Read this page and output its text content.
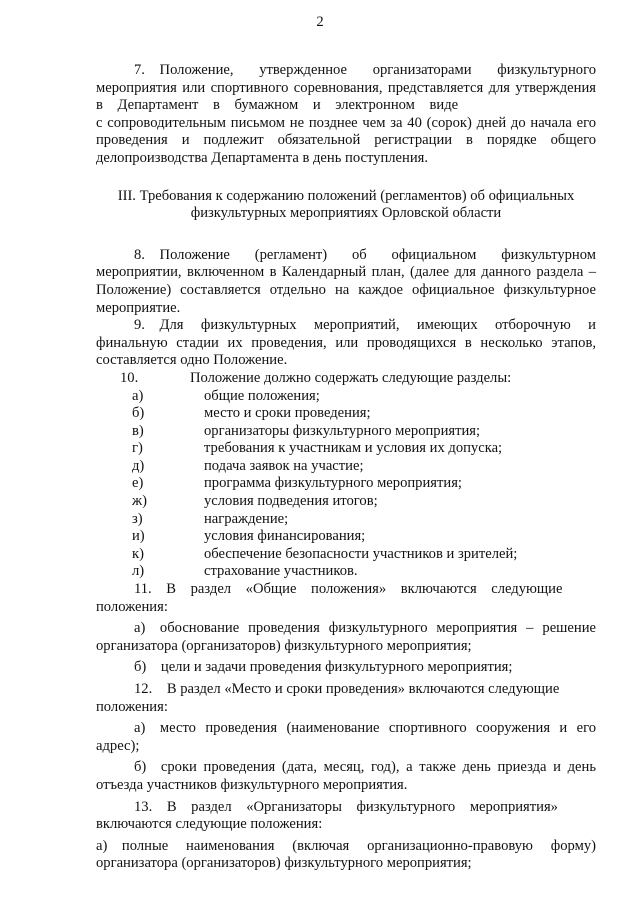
2

7. Положение, утвержденное организаторами физкультурного

мероприятия или спортивного соревнования, представляется для утверждения

в Департамент в бумажном и электронном виде

с сопроводительным письмом не позднее чем за 40 (сорок) дней до начала его проведения и подлежит обязательной регистрации в порядке общего делопроизводства Департамента в день поступления.

III. Требования к содержанию положений (регламентов) об официальных
физкультурных мероприятиях Орловской области

8. Положение (регламент) об официальном физкультурном мероприятии, включенном в Календарный план, (далее для данного раздела – Положение) составляется отдельно на каждое официальное физкультурное мероприятие.

9. Для физкультурных мероприятий, имеющих отборочную и финальную стадии их проведения, или проводящихся в несколько этапов, составляется одно Положение.

10.	Положение должно содержать следующие разделы:
а)	общие положения;
б)	место и сроки проведения;
в)	организаторы физкультурного мероприятия;
г)	требования к участникам и условия их допуска;
д)	подача заявок на участие;
е)	программа физкультурного мероприятия;
ж)	условия подведения итогов;
з)	награждение;
и)	условия финансирования;
к)	обеспечение безопасности участников и зрителей;
л)	страхование участников.

11. В раздел «Общие положения» включаются следующие

положения:

а) обоснование проведения физкультурного мероприятия – решение организатора (организаторов) физкультурного мероприятия;

б) цели и задачи проведения физкультурного мероприятия;

12. В раздел «Место и сроки проведения» включаются следующие

положения:

а) место проведения (наименование спортивного сооружения и его адрес);

б) сроки проведения (дата, месяц, год), а также день приезда и день отъезда участников физкультурного мероприятия.

13. В раздел «Организаторы физкультурного мероприятия»

включаются следующие положения:

а) полные наименования (включая организационно-правовую форму) организатора (организаторов) физкультурного мероприятия;
